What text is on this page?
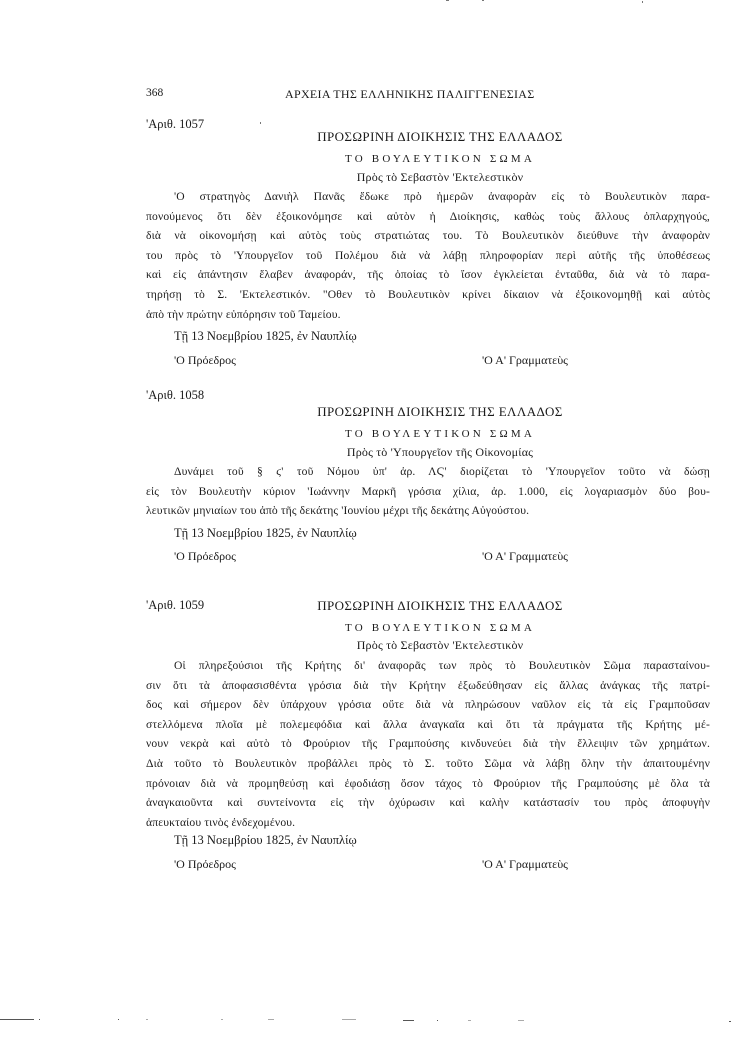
368	ΑΡΧΕΙΑ ΤΗΣ ΕΛΛΗΝΙΚΗΣ ΠΑΛΙΓΓΕΝΕΣΙΑΣ
'Αριθ. 1057
ΠΡΟΣΩΡΙΝΗ ΔΙΟΙΚΗΣΙΣ ΤΗΣ ΕΛΛΑΔΟΣ
ΤΟ ΒΟΥΛΕΥΤΙΚΟΝ ΣΩΜΑ
Πρὸς τὸ Σεβαστὸν 'Εκτελεστικὸν
'Ο στρατηγὸς Δανιὴλ Πανᾶς ἔδωκε πρὸ ἡμερῶν ἀναφορὰν εἰς τὸ Βουλευτικὸν παρα-
πονούμενος ὅτι δὲν ἐξοικονόμησε καὶ αὐτὸν ἡ Διοίκησις, καθὼς τοὺς ἄλλους ὁπλαρχηγούς,
διὰ νὰ οἰκονομήσῃ καὶ αὐτὸς τοὺς στρατιώτας του. Τὸ Βουλευτικὸν διεύθυνε τὴν ἀναφορὰν
του πρὸς τὸ 'Υπουργεῖον τοῦ Πολέμου διὰ νὰ λάβῃ πληροφορίαν περὶ αὐτῆς τῆς ὑποθέσεως
καὶ εἰς ἀπάντησιν ἔλαβεν ἀναφοράν, τῆς ὁποίας τὸ ἴσον ἐγκλείεται ἐνταῦθα, διὰ νὰ τὸ παρα-
τηρήσῃ τὸ Σ. 'Εκτελεστικόν. "Οθεν τὸ Βουλευτικὸν κρίνει δίκαιον νὰ ἐξοικονομηθῇ καὶ αὐτὸς
ἀπὸ τὴν πρώτην εὐπόρησιν τοῦ Ταμείου.
Τῇ 13 Νοεμβρίου 1825, ἐν Ναυπλίῳ
'Ο Πρόεδρος	'Ο Α' Γραμματεὺς
'Αριθ. 1058
ΠΡΟΣΩΡΙΝΗ ΔΙΟΙΚΗΣΙΣ ΤΗΣ ΕΛΛΑΔΟΣ
ΤΟ ΒΟΥΛΕΥΤΙΚΟΝ ΣΩΜΑ
Πρὸς τὸ 'Υπουργεῖον τῆς Οἰκονομίας
Δυνάμει τοῦ § ϛ' τοῦ Νόμου ὑπ' ἀρ. ΛϚ' διορίζεται τὸ 'Υπουργεῖον τοῦτο νὰ δώσῃ
εἰς τὸν Βουλευτὴν κύριον 'Ιωάννην Μαρκῆ γρόσια χίλια, ἀρ. 1.000, εἰς λογαριασμὸν δύο βου-
λευτικῶν μηνιαίων του ἀπὸ τῆς δεκάτης 'Ιουνίου μέχρι τῆς δεκάτης Αὐγούστου.
Τῇ 13 Νοεμβρίου 1825, ἐν Ναυπλίῳ
'Ο Πρόεδρος	'Ο Α' Γραμματεὺς
'Αριθ. 1059	ΠΡΟΣΩΡΙΝΗ ΔΙΟΙΚΗΣΙΣ ΤΗΣ ΕΛΛΑΔΟΣ
ΤΟ ΒΟΥΛΕΥΤΙΚΟΝ ΣΩΜΑ
Πρὸς τὸ Σεβαστὸν 'Εκτελεστικὸν
Οἱ πληρεξούσιοι τῆς Κρήτης δι' ἀναφορᾶς των πρὸς τὸ Βουλευτικὸν Σῶμα παρασταίνου-
σιν ὅτι τὰ ἀποφασισθέντα γρόσια διὰ τὴν Κρήτην ἐξωδεύθησαν εἰς ἄλλας ἀνάγκας τῆς πατρί-
δος καὶ σήμερον δὲν ὑπάρχουν γρόσια οὔτε διὰ νὰ πληρώσουν ναῦλον εἰς τὰ εἰς Γραμποῦσαν
στελλόμενα πλοῖα μὲ πολεμεφόδια καὶ ἄλλα ἀναγκαῖα καὶ ὅτι τὰ πράγματα τῆς Κρήτης μέ-
νουν νεκρὰ καὶ αὐτὸ τὸ Φρούριον τῆς Γραμπούσης κινδυνεύει διὰ τὴν ἔλλειψιν τῶν χρημάτων.
Διὰ τοῦτο τὸ Βουλευτικὸν προβάλλει πρὸς τὸ Σ. τοῦτο Σῶμα νὰ λάβῃ ὅλην τὴν ἀπαιτουμένην
πρόνοιαν διὰ νὰ προμηθεύσῃ καὶ ἐφοδιάσῃ ὅσον τάχος τὸ Φρούριον τῆς Γραμπούσης μὲ ὅλα τὰ
ἀναγκαιοῦντα καὶ συντείνοντα εἰς τὴν ὀχύρωσιν καὶ καλὴν κατάστασίν του πρὸς ἀποφυγὴν
ἀπευκταίου τινὸς ἐνδεχομένου.
Τῇ 13 Νοεμβρίου 1825, ἐν Ναυπλίῳ
'Ο Πρόεδρος	'Ο Α' Γραμματεὺς
